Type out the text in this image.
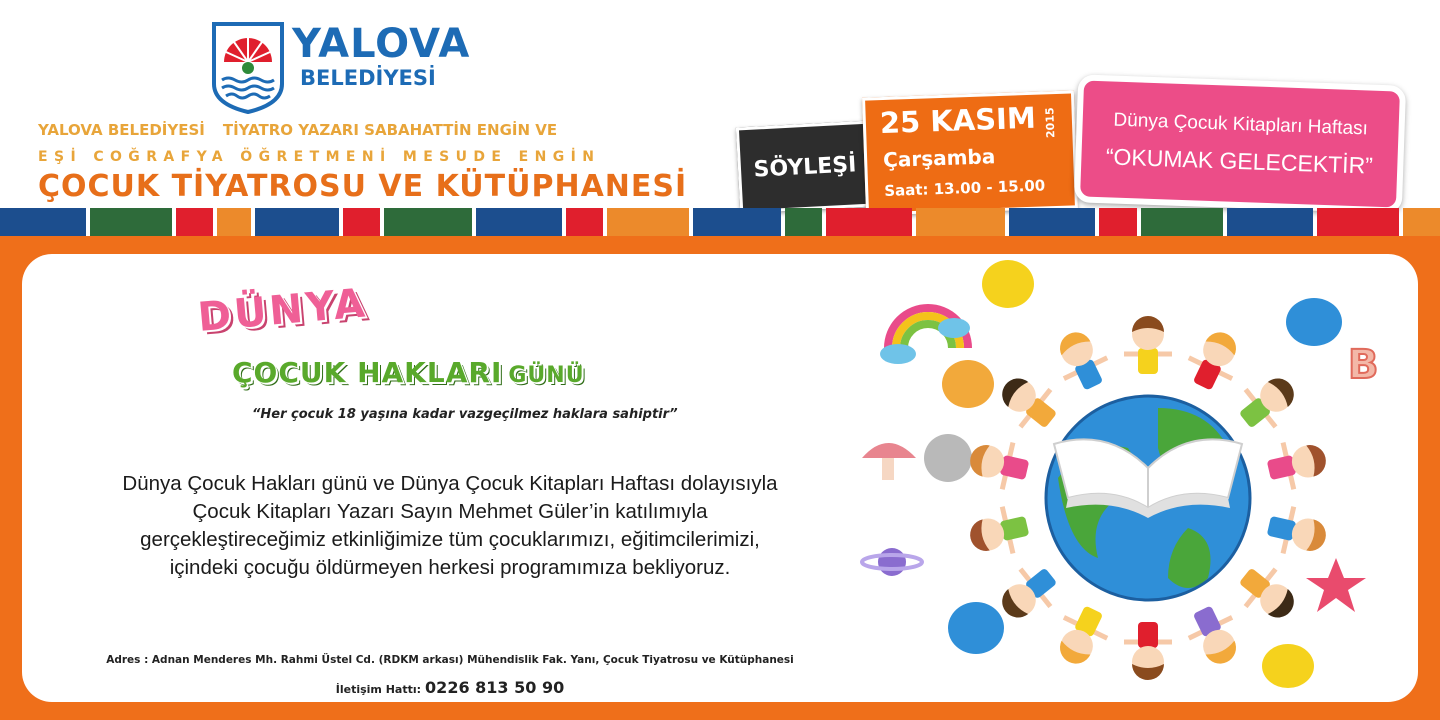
YALOVA
BELEDİYESİ
YALOVA BELEDİYESİ TİYATRO YAZARI SABAHATTİN ENGİN VE
EŞİ COĞRAFYA ÖĞRETMENİ MESUDE ENGİN
ÇOCUK TİYATROSU VE KÜTÜPHANESİ
SÖYLEŞİ
25 KASIM 2015
Çarşamba
Saat: 13.00 - 15.00
Dünya Çocuk Kitapları Haftası
“OKUMAK GELECEKTİR”
DÜNYA
ÇOCUK HAKLARI GÜNÜ
“Her çocuk 18 yaşına kadar vazgeçilmez haklara sahiptir”
Dünya Çocuk Hakları günü ve Dünya Çocuk Kitapları Haftası dolayısıyla
Çocuk Kitapları Yazarı Sayın Mehmet Güler’in katılımıyla
gerçekleştireceğimiz etkinliğimize tüm çocuklarımızı, eğitimcilerimizi,
içindeki çocuğu öldürmeyen herkesi programımıza bekliyoruz.
Adres : Adnan Menderes Mh. Rahmi Üstel Cd. (RDKM arkası) Mühendislik Fak. Yanı, Çocuk Tiyatrosu ve Kütüphanesi
İletişim Hattı: 0226 813 50 90
B
